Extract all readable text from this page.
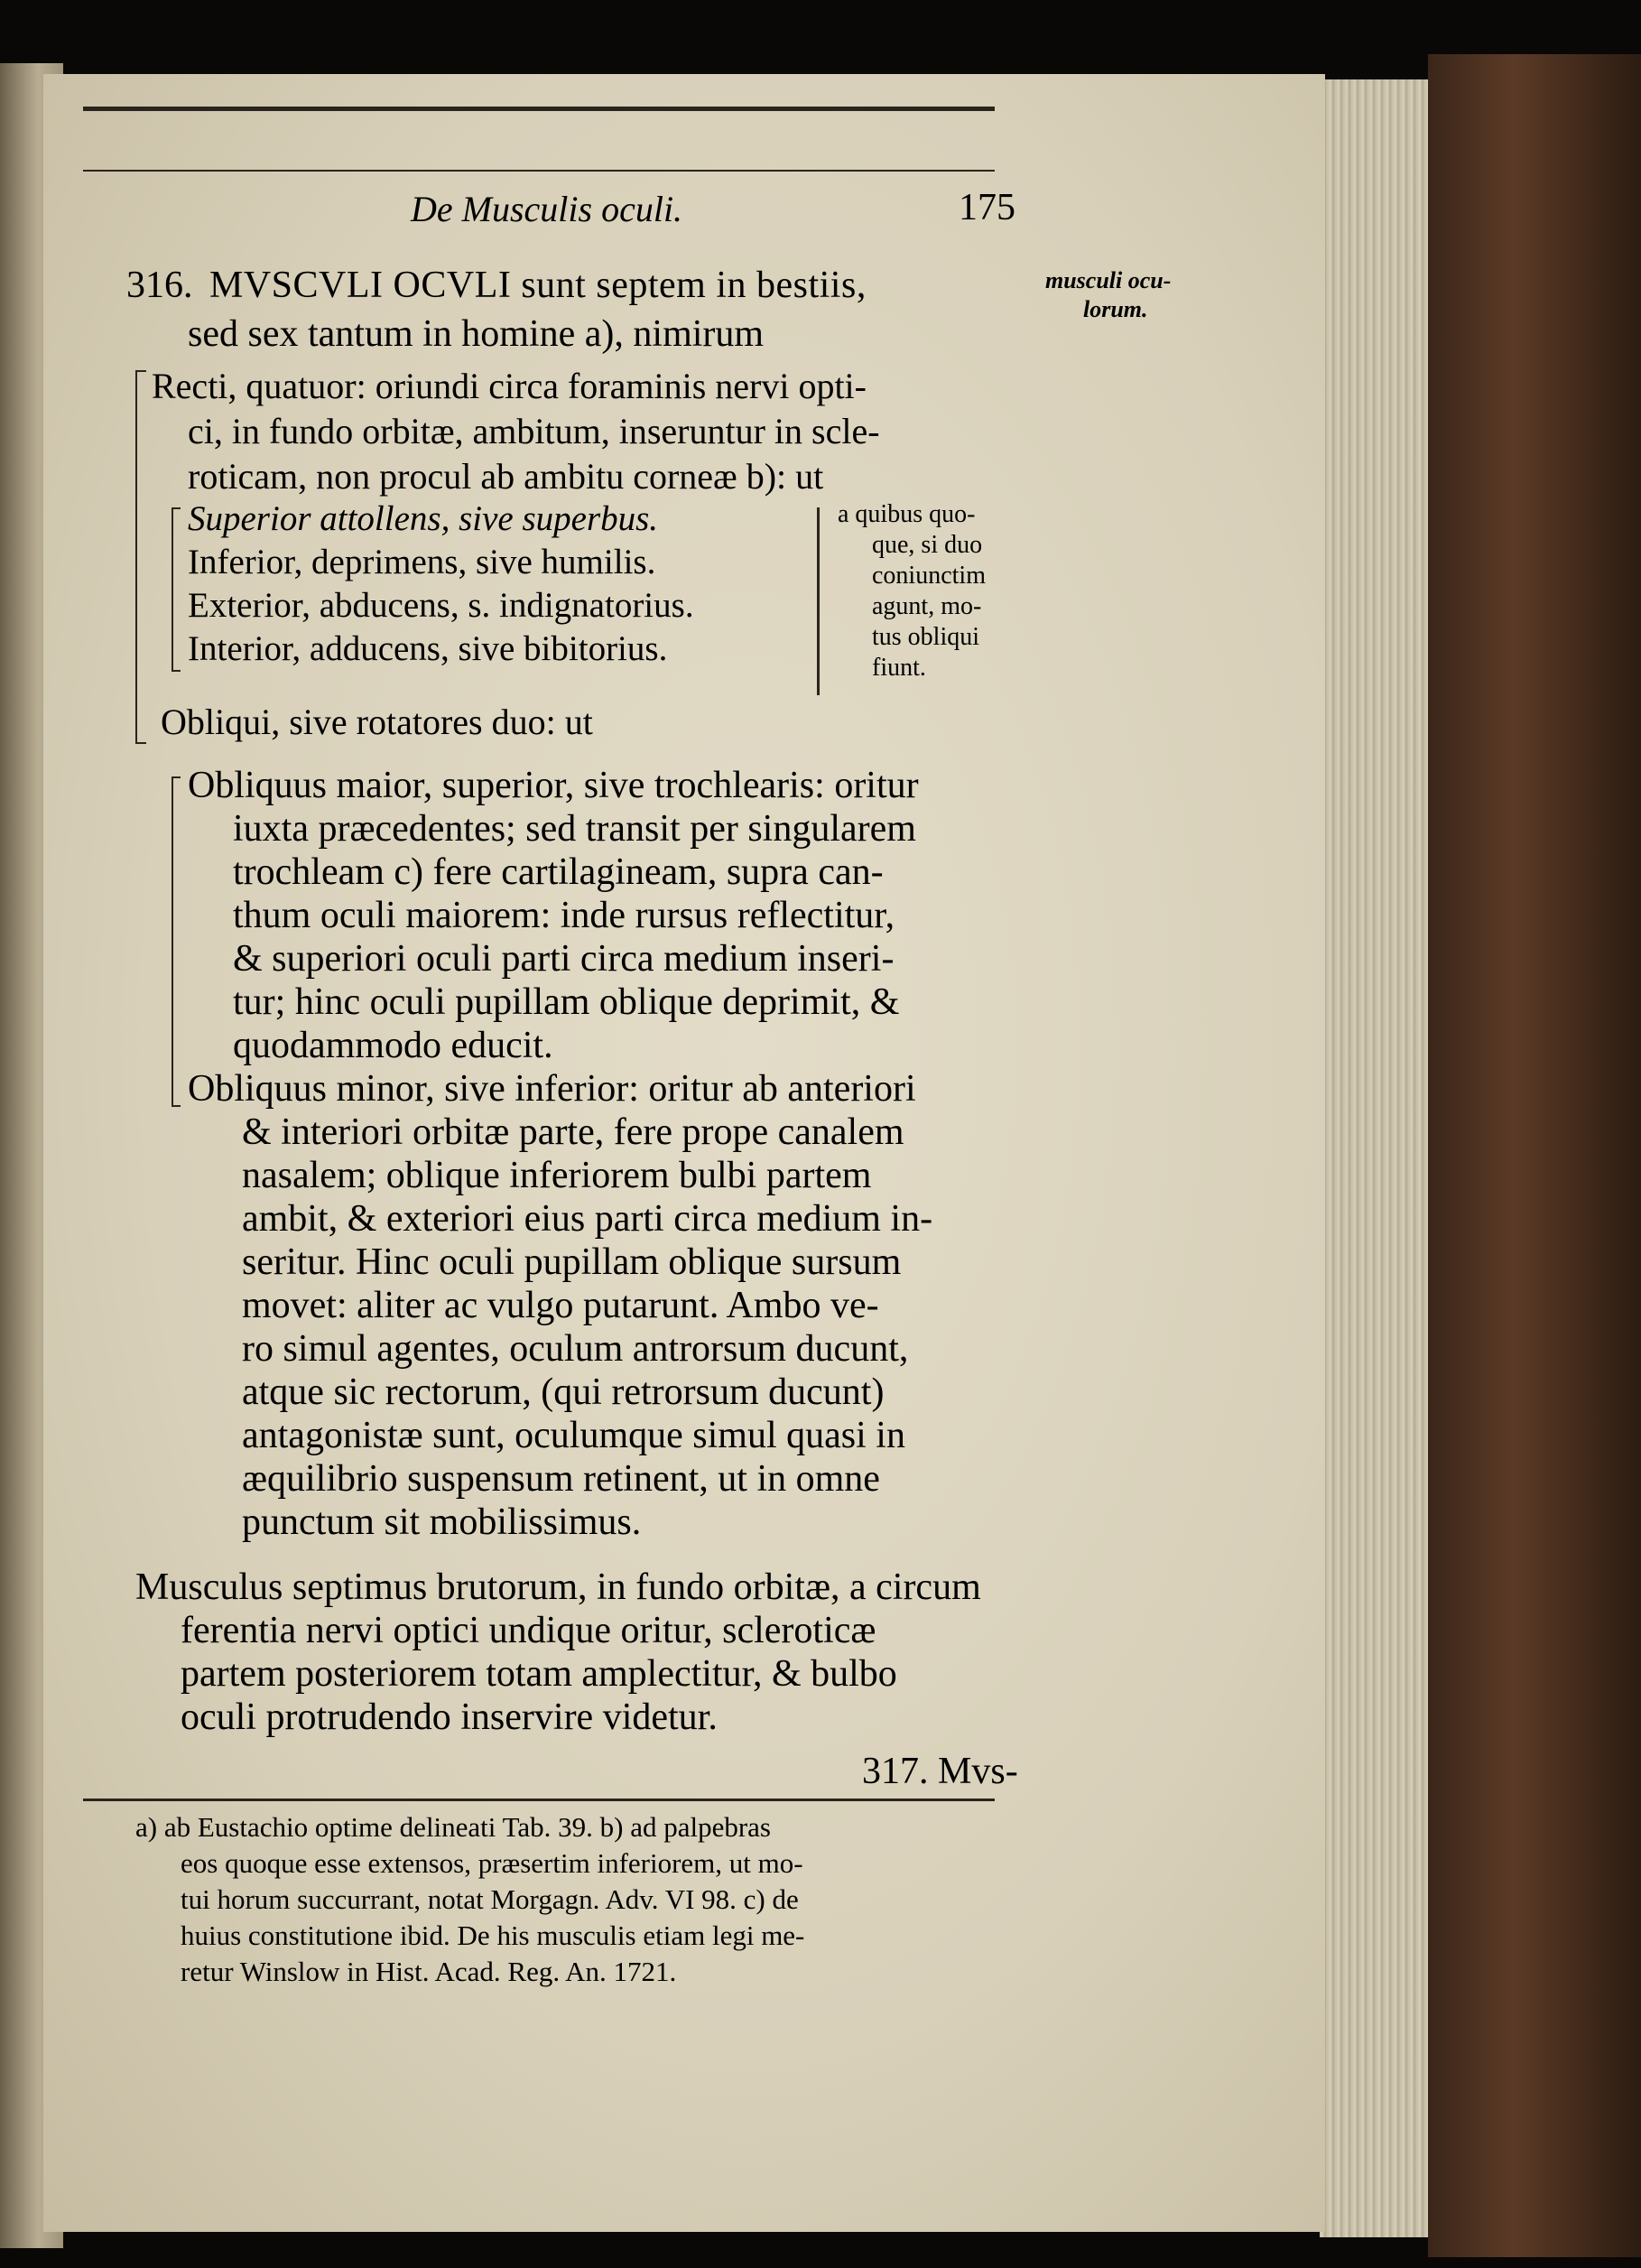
De Musculis oculi.	175
musculi ocu-
lorum.
316. MVSCVLI OCVLI sunt septem in bestiis,
sed sex tantum in homine a), nimirum
Recti, quatuor: oriundi circa foraminis nervi opti-
ci, in fundo orbitæ, ambitum, inseruntur in scle-
roticam, non procul ab ambitu corneæ b): ut
Superior attollens, sive superbus.
Inferior, deprimens, sive humilis.
Exterior, abducens, s. indignatorius.
Interior, adducens, sive bibitorius.
a quibus quo-
que, si duo
coniunctim
agunt, mo-
tus obliqui
fiunt.
Obliqui, sive rotatores duo: ut
Obliquus maior, superior, sive trochlearis: oritur
iuxta præcedentes; sed transit per singularem
trochleam c) fere cartilagineam, supra can-
thum oculi maiorem: inde rursus reflectitur,
& superiori oculi parti circa medium inseri-
tur; hinc oculi pupillam oblique deprimit, &
quodammodo educit.
Obliquus minor, sive inferior: oritur ab anteriori
& interiori orbitæ parte, fere prope canalem
nasalem; oblique inferiorem bulbi partem
ambit, & exteriori eius parti circa medium in-
seritur. Hinc oculi pupillam oblique sursum
movet: aliter ac vulgo putarunt. Ambo ve-
ro simul agentes, oculum antrorsum ducunt,
atque sic rectorum, (qui retrorsum ducunt)
antagonistæ sunt, oculumque simul quasi in
æquilibrio suspensum retinent, ut in omne
punctum sit mobilissimus.
Musculus septimus brutorum, in fundo orbitæ, a circum
ferentia nervi optici undique oritur, scleroticæ
partem posteriorem totam amplectitur, & bulbo
oculi protrudendo inservire videtur.
317. Mvs-
a) ab Eustachio optime delineati Tab. 39. b) ad palpebras
eos quoque esse extensos, præsertim inferiorem, ut mo-
tui horum succurrant, notat Morgagn. Adv. VI 98. c) de
huius constitutione ibid. De his musculis etiam legi me-
retur Winslow in Hist. Acad. Reg. An. 1721.
